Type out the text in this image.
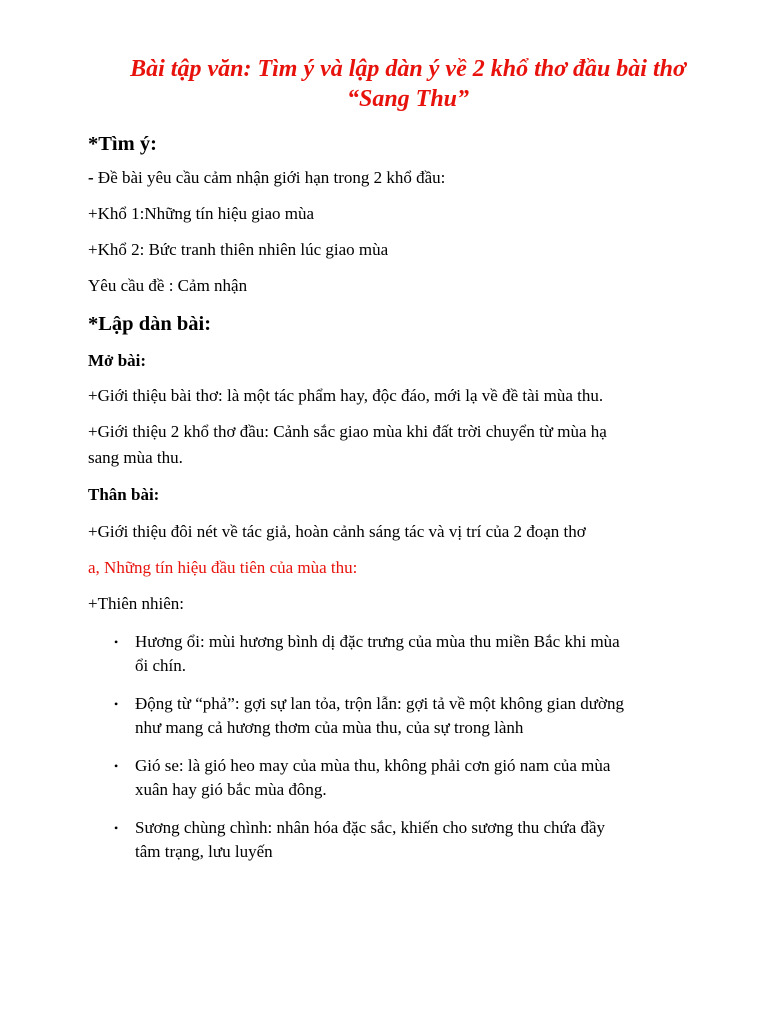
Bài tập văn: Tìm ý và lập dàn ý về 2 khổ thơ đầu bài thơ
“Sang Thu”
*Tìm ý:

- Đề bài yêu cầu cảm nhận giới hạn trong 2 khổ đầu:

+Khổ 1:Những tín hiệu giao mùa

+Khổ 2: Bức tranh thiên nhiên lúc giao mùa

Yêu cầu đề : Cảm nhận

*Lập dàn bài:
Mở bài:

+Giới thiệu bài thơ: là một tác phẩm hay, độc đáo, mới lạ về đề tài mùa thu.

+Giới thiệu 2 khổ thơ đầu: Cảnh sắc giao mùa khi đất trời chuyển từ mùa hạ

sang mùa thu.

Thân bài:

+Giới thiệu đôi nét về tác giả, hoàn cảnh sáng tác và vị trí của 2 đoạn thơ

a, Những tín hiệu đầu tiên của mùa thu:

+Thiên nhiên:

• Hương ổi: mùi hương bình dị đặc trưng của mùa thu miền Bắc khi mùa
ổi chín.
• Động từ “phả”: gợi sự lan tỏa, trộn lẫn: gợi tả về một không gian dường
như mang cả hương thơm của mùa thu, của sự trong lành
• Gió se: là gió heo may của mùa thu, không phải cơn gió nam của mùa
xuân hay gió bắc mùa đông.
• Sương chùng chình: nhân hóa đặc sắc, khiến cho sương thu chứa đầy
tâm trạng, lưu luyến
